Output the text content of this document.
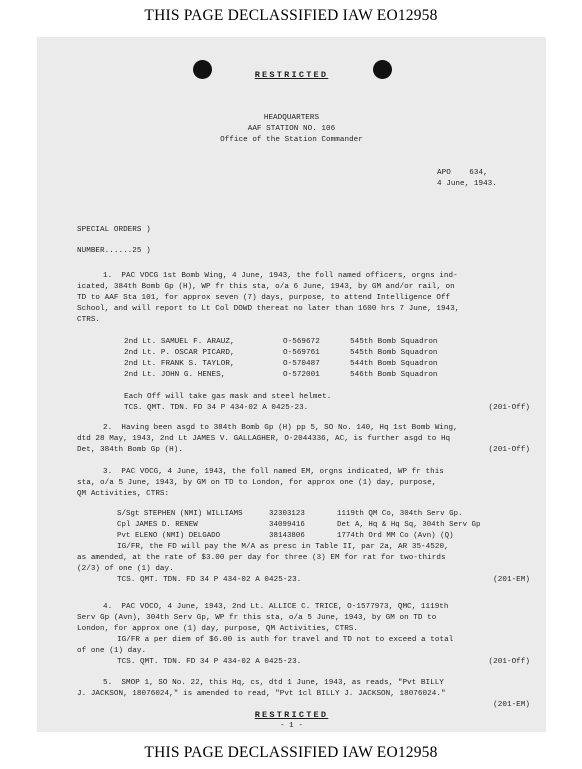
THIS PAGE DECLASSIFIED IAW EO12958
RESTRICTED
HEADQUARTERS
AAF STATION NO. 106
Office of the Station Commander
APO    634,
4 June, 1943.
SPECIAL ORDERS )
NUMBER......25 )
1.  PAC VOCG 1st Bomb Wing, 4 June, 1943, the foll named officers, orgns ind-
icated, 384th Bomb Gp (H), WP fr this sta, o/a 6 June, 1943, by GM and/or rail, on
TD to AAF Sta 101, for approx seven (7) days, purpose, to attend Intelligence Off
School, and will report to Lt Col DOWD thereat no later than 1600 hrs 7 June, 1943,
CTRS.
2nd Lt. SAMUEL F. ARAUZ,	O-569672	545th Bomb Squadron
2nd Lt. P. OSCAR PICARD,	O-569761	545th Bomb Squadron
2nd Lt. FRANK S. TAYLOR,	O-570487	544th Bomb Squadron
2nd Lt. JOHN G. HENES,	O-572001	546th Bomb Squadron
Each Off will take gas mask and steel helmet.
TCS. QMT. TDN. FD 34 P 434-02 A 0425-23.	(201-Off)
2.  Having been asgd to 384th Bomb Gp (H) pp 5, SO No. 140, Hq 1st Bomb Wing,
dtd 28 May, 1943, 2nd Lt JAMES V. GALLAGHER, O-2044336, AC, is further asgd to Hq
Det, 384th Bomb Gp (H).	(201-Off)
3.  PAC VOCG, 4 June, 1943, the foll named EM, orgns indicated, WP fr this
sta, o/a 5 June, 1943, by GM on TD to London, for approx one (1) day, purpose,
QM Activities, CTRS:
S/Sgt STEPHEN (NMI) WILLIAMS	32303123	1119th QM Co, 304th Serv Gp.
Cpl JAMES D. RENEW	34099416	Det A, Hq & Hq Sq, 304th Serv Gp
Pvt ELENO (NMI) DELGADO	38143806	1774th Ord MM Co (Avn) (Q)
IG/FR, the FD will pay the M/A as presc in Table II, par 2a, AR 35-4520,
as amended, at the rate of $3.00 per day for three (3) EM for rat for two-thirds
(2/3) of one (1) day.
TCS. QMT. TDN. FD 34 P 434-02 A 0425-23.	(201-EM)
4.  PAC VOCO, 4 June, 1943, 2nd Lt. ALLICE C. TRICE, O-1577973, QMC, 1119th
Serv Gp (Avn), 304th Serv Gp, WP fr this sta, o/a 5 June, 1943, by GM on TD to
London, for approx one (1) day, purpose, QM Activities, CTRS.
IG/FR a per diem of $6.00 is auth for travel and TD not to exceed a total
of one (1) day.
TCS. QMT. TDN. FD 34 P 434-02 A 0425-23.	(201-Off)
5.  SMOP 1, SO No. 22, this Hq, cs, dtd 1 June, 1943, as reads, "Pvt BILLY
J. JACKSON, 18076024," is amended to read, "Pvt 1cl BILLY J. JACKSON, 18076024."
(201-EM)
RESTRICTED
- 1 -
THIS PAGE DECLASSIFIED IAW EO12958
